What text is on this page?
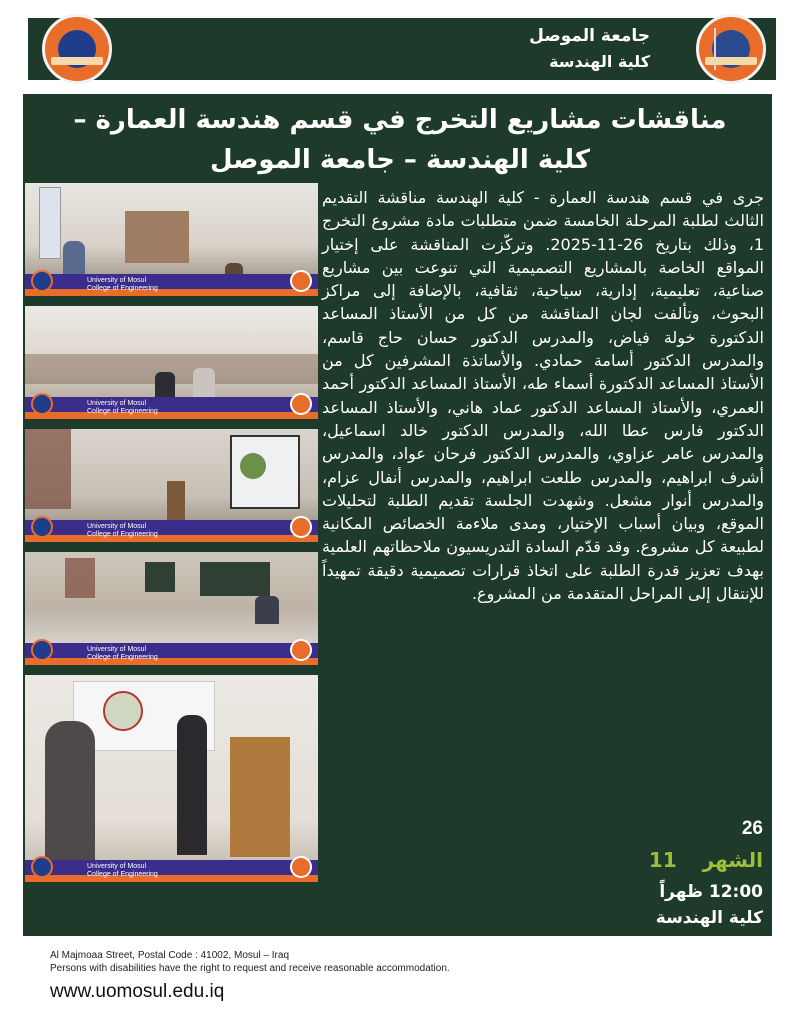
جامعة الموصل
كلية الهندسة
مناقشات مشاريع التخرج في قسم هندسة العمارة – كلية الهندسة – جامعة الموصل
University of Mosul
College of Engineering
University of Mosul
College of Engineering
University of Mosul
College of Engineering
University of Mosul
College of Engineering
University of Mosul
College of Engineering
جرى في قسم هندسة العمارة - كلية الهندسة مناقشة التقديم الثالث لطلبة المرحلة الخامسة ضمن متطلبات مادة مشروع التخرج 1، وذلك بتاريخ 26-11-2025. وتركّزت المناقشة على إختيار المواقع الخاصة بالمشاريع التصميمية التي تنوعت بين مشاريع صناعية، تعليمية، إدارية، سياحية، ثقافية، بالإضافة إلى مراكز البحوث، وتألفت لجان المناقشة من كل من الأستاذ المساعد الدكتورة خولة فياض، والمدرس الدكتور حسان حاج قاسم، والمدرس الدكتور أسامة حمادي. والأساتذة المشرفين كل من الأستاذ المساعد الدكتورة أسماء طه، الأستاذ المساعد الدكتور أحمد العمري، والأستاذ المساعد الدكتور عماد هاني، والأستاذ المساعد الدكتور فارس عطا الله، والمدرس الدكتور خالد اسماعيل، والمدرس عامر عزاوي، والمدرس الدكتور فرحان عواد، والمدرس أشرف ابراهيم، والمدرس طلعت ابراهيم، والمدرس أنفال عزام، والمدرس أنوار مشعل. وشهدت الجلسة تقديم الطلبة لتحليلات الموقع، وبيان أسباب الإختيار، ومدى ملاءمة الخصائص المكانية لطبيعة كل مشروع. وقد قدّم السادة التدريسيون ملاحظاتهم العلمية بهدف تعزيز قدرة الطلبة على اتخاذ قرارات تصميمية دقيقة تمهيداً للإنتقال إلى المراحل المتقدمة من المشروع.
26
الشهر  11
12:00 ظهراً
كلية الهندسة
Al Majmoaa Street, Postal Code : 41002, Mosul – Iraq
Persons with disabilities have the right to request and receive reasonable accommodation.
www.uomosul.edu.iq
